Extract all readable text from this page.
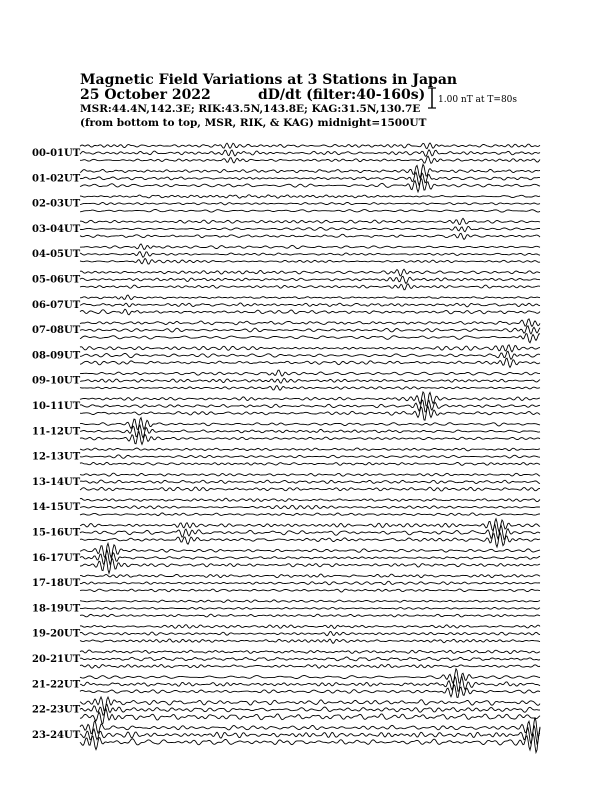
Magnetic Field Variations at 3 Stations in Japan
25 October 2022	dD/dt (filter:40-160s)
MSR:44.4N,142.3E; RIK:43.5N,143.8E; KAG:31.5N,130.7E
(from bottom to top, MSR, RIK, & KAG) midnight=1500UT
1.00 nT at T=80s
00-01UT
01-02UT
02-03UT
03-04UT
04-05UT
05-06UT
06-07UT
07-08UT
08-09UT
09-10UT
10-11UT
11-12UT
12-13UT
13-14UT
14-15UT
15-16UT
16-17UT
17-18UT
18-19UT
19-20UT
20-21UT
21-22UT
22-23UT
23-24UT
